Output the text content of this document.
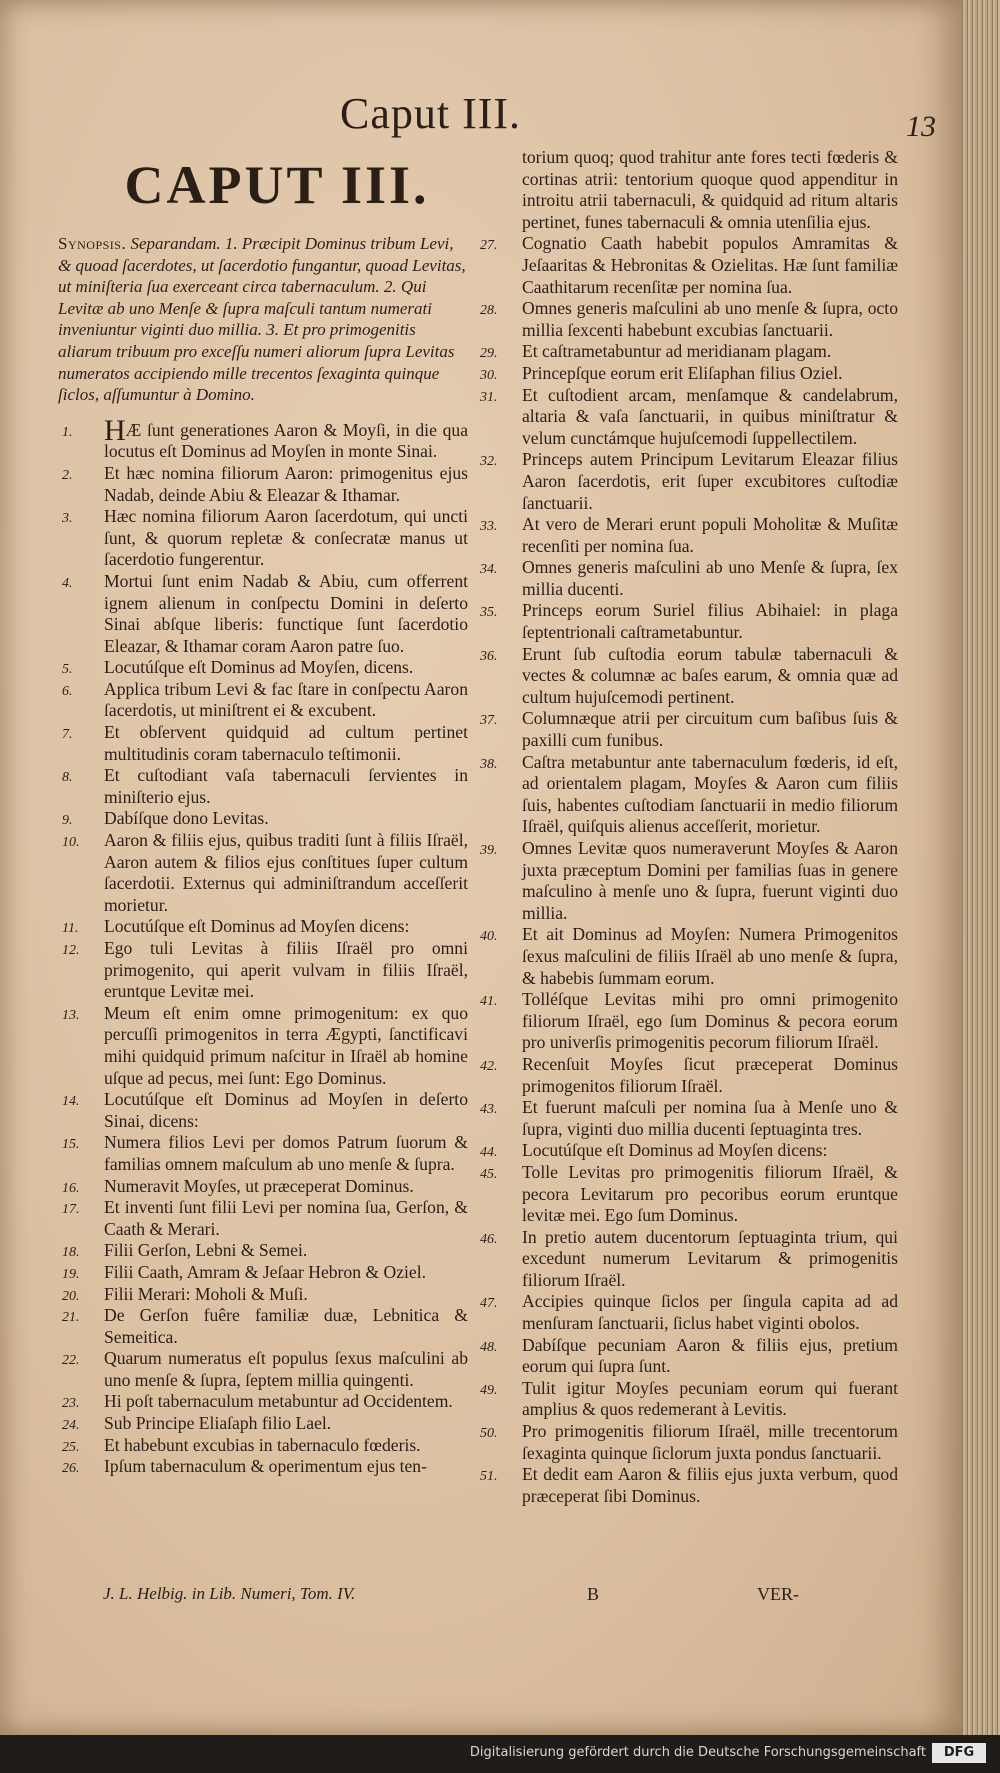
Caput III.	13
CAPUT III.

Synopsis. Separandam. 1. Præcipit Dominus tribum Levi, & quoad ſacerdotes, ut ſacerdotio fungantur, quoad Levitas, ut miniſteria ſua exerceant circa tabernaculum. 2. Qui Levitæ ab uno Menſe & ſupra maſculi tantum numerati inveniuntur viginti duo millia. 3. Et pro primogenitis aliarum tribuum pro exceſſu numeri aliorum ſupra Levitas numeratos accipiendo mille trecentos ſexaginta quinque ſiclos, aſſumuntur à Domino.

1. HÆ ſunt generationes Aaron & Moyſi, in die qua locutus eſt Dominus ad Moyſen in monte Sinai.

2. Et hæc nomina filiorum Aaron: primogenitus ejus Nadab, deinde Abiu & Eleazar & Ithamar.

3. Hæc nomina filiorum Aaron ſacerdotum, qui uncti ſunt, & quorum repletæ & conſecratæ manus ut ſacerdotio fungerentur.

4. Mortui ſunt enim Nadab & Abiu, cum offerrent ignem alienum in conſpectu Domini in deſerto Sinai abſque liberis: functique ſunt ſacerdotio Eleazar, & Ithamar coram Aaron patre ſuo.

5. Locutúſque eſt Dominus ad Moyſen, dicens.

6. Applica tribum Levi & fac ſtare in conſpectu Aaron ſacerdotis, ut miniſtrent ei & excubent.

7. Et obſervent quidquid ad cultum pertinet multitudinis coram tabernaculo teſtimonii.

8. Et cuſtodiant vaſa tabernaculi ſervientes in miniſterio ejus.

9. Dabíſque dono Levitas.

10. Aaron & filiis ejus, quibus traditi ſunt à filiis Iſraël, Aaron autem & filios ejus conſtitues ſuper cultum ſacerdotii. Externus qui adminiſtrandum acceſſerit morietur.

11. Locutúſque eſt Dominus ad Moyſen dicens:

12. Ego tuli Levitas à filiis Iſraël pro omni primogenito, qui aperit vulvam in filiis Iſraël, eruntque Levitæ mei.

13. Meum eſt enim omne primogenitum: ex quo percuſſi primogenitos in terra Ægypti, ſanctificavi mihi quidquid primum naſcitur in Iſraël ab homine uſque ad pecus, mei ſunt: Ego Dominus.

14. Locutúſque eſt Dominus ad Moyſen in deſerto Sinai, dicens:

15. Numera filios Levi per domos Patrum ſuorum & familias omnem maſculum ab uno menſe & ſupra.

16. Numeravit Moyſes, ut præceperat Dominus.

17. Et inventi ſunt filii Levi per nomina ſua, Gerſon, & Caath & Merari.

18. Filii Gerſon, Lebni & Semei.

19. Filii Caath, Amram & Jeſaar Hebron & Oziel.

20. Filii Merari: Moholi & Muſi.

21. De Gerſon fuêre familiæ duæ, Lebnitica & Semeitica.

22. Quarum numeratus eſt populus ſexus maſculini ab uno menſe & ſupra, ſeptem millia quingenti.

23. Hi poſt tabernaculum metabuntur ad Occidentem.

24. Sub Principe Eliaſaph filio Lael.

25. Et habebunt excubias in tabernaculo fœderis.

26. Ipſum tabernaculum & operimentum ejus ten-

torium quoq; quod trahitur ante fores tecti fœderis & cortinas atrii: tentorium quoque quod appenditur in introitu atrii tabernaculi, & quidquid ad ritum altaris pertinet, funes tabernaculi & omnia utenſilia ejus.

27. Cognatio Caath habebit populos Amramitas & Jeſaaritas & Hebronitas & Ozielitas. Hæ ſunt familiæ Caathitarum recenſitæ per nomina ſua.

28. Omnes generis maſculini ab uno menſe & ſupra, octo millia ſexcenti habebunt excubias ſanctuarii.

29. Et caſtrametabuntur ad meridianam plagam.

30. Princepſque eorum erit Eliſaphan filius Oziel.

31. Et cuſtodient arcam, menſamque & candelabrum, altaria & vaſa ſanctuarii, in quibus miniſtratur & velum cunctámque hujuſcemodi ſuppellectilem.

32. Princeps autem Principum Levitarum Eleazar filius Aaron ſacerdotis, erit ſuper excubitores cuſtodiæ ſanctuarii.

33. At vero de Merari erunt populi Moholitæ & Muſitæ recenſiti per nomina ſua.

34. Omnes generis maſculini ab uno Menſe & ſupra, ſex millia ducenti.

35. Princeps eorum Suriel filius Abihaiel: in plaga ſeptentrionali caſtrametabuntur.

36. Erunt ſub cuſtodia eorum tabulæ tabernaculi & vectes & columnæ ac baſes earum, & omnia quæ ad cultum hujuſcemodi pertinent.

37. Columnæque atrii per circuitum cum baſibus ſuis & paxilli cum funibus.

38. Caſtra metabuntur ante tabernaculum fœderis, id eſt, ad orientalem plagam, Moyſes & Aaron cum filiis ſuis, habentes cuſtodiam ſanctuarii in medio filiorum Iſraël, quiſquis alienus acceſſerit, morietur.

39. Omnes Levitæ quos numeraverunt Moyſes & Aaron juxta præceptum Domini per familias ſuas in genere maſculino à menſe uno & ſupra, fuerunt viginti duo millia.

40. Et ait Dominus ad Moyſen: Numera Primogenitos ſexus maſculini de filiis Iſraël ab uno menſe & ſupra, & habebis ſummam eorum.

41. Tolléſque Levitas mihi pro omni primogenito filiorum Iſraël, ego ſum Dominus & pecora eorum pro univerſis primogenitis pecorum filiorum Iſraël.

42. Recenſuit Moyſes ſicut præceperat Dominus primogenitos filiorum Iſraël.

43. Et fuerunt maſculi per nomina ſua à Menſe uno & ſupra, viginti duo millia ducenti ſeptuaginta tres.

44. Locutúſque eſt Dominus ad Moyſen dicens:

45. Tolle Levitas pro primogenitis filiorum Iſraël, & pecora Levitarum pro pecoribus eorum eruntque levitæ mei. Ego ſum Dominus.

46. In pretio autem ducentorum ſeptuaginta trium, qui excedunt numerum Levitarum & primogenitis filiorum Iſraël.

47. Accipies quinque ſiclos per ſingula capita ad ad menſuram ſanctuarii, ſiclus habet viginti obolos.

48. Dabíſque pecuniam Aaron & filiis ejus, pretium eorum qui ſupra ſunt.

49. Tulit igitur Moyſes pecuniam eorum qui fuerant amplius & quos redemerant à Levitis.

50. Pro primogenitis filiorum Iſraël, mille trecentorum ſexaginta quinque ſiclorum juxta pondus ſanctuarii.

51. Et dedit eam Aaron & filiis ejus juxta verbum, quod præceperat ſibi Dominus.

J. L. Helbig. in Lib. Numeri, Tom. IV.	B	VER-
Digitalisierung gefördert durch die Deutsche Forschungsgemeinschaft	DFG
